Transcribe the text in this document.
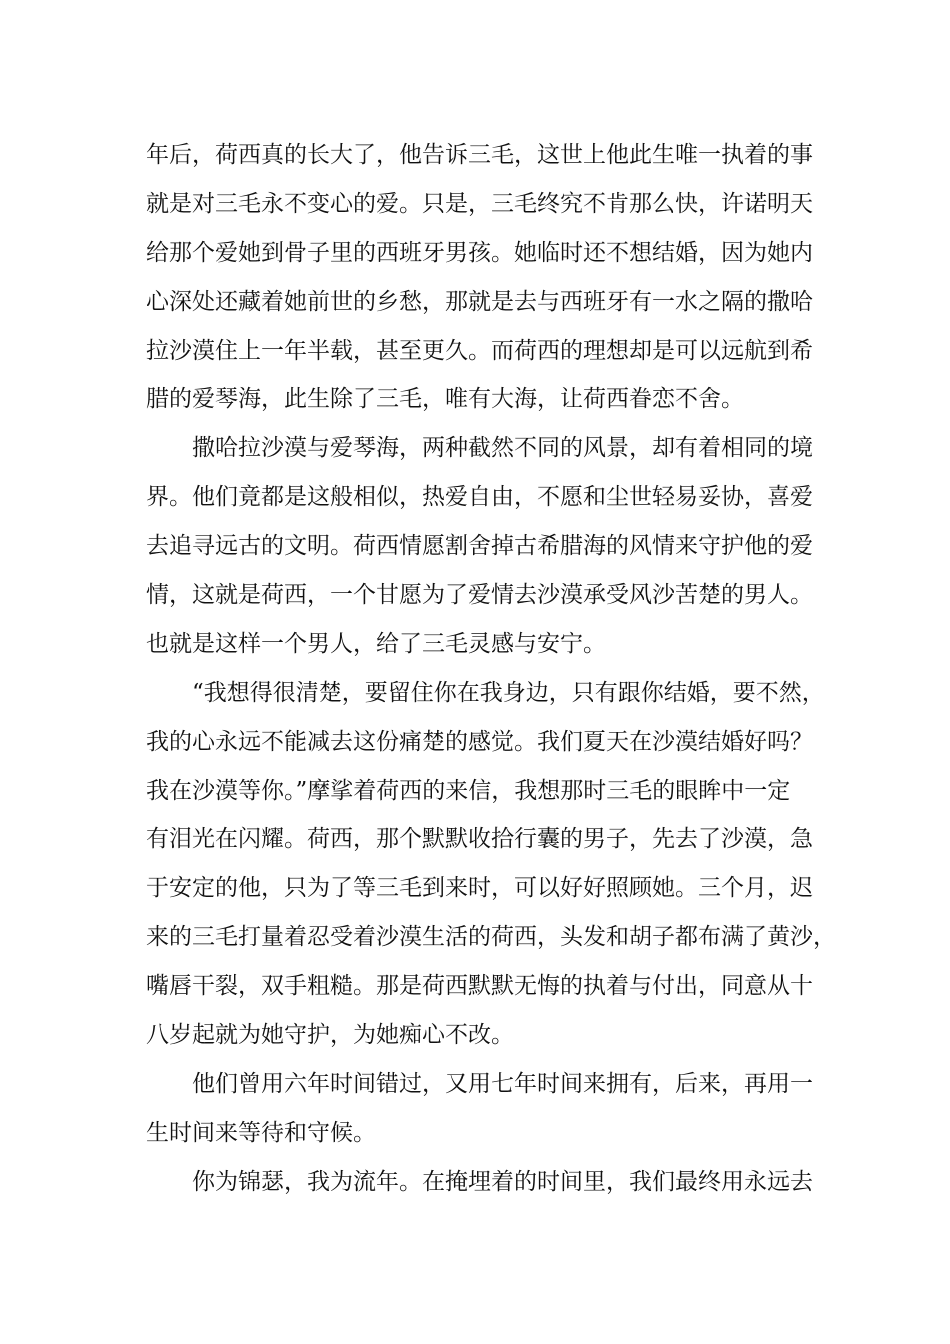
年后，荷西真的长大了，他告诉三毛，这世上他此生唯一执着的事
就是对三毛永不变心的爱。只是，三毛终究不肯那么快，许诺明天
给那个爱她到骨子里的西班牙男孩。她临时还不想结婚，因为她内
心深处还藏着她前世的乡愁，那就是去与西班牙有一水之隔的撒哈
拉沙漠住上一年半载，甚至更久。而荷西的理想却是可以远航到希
腊的爱琴海，此生除了三毛，唯有大海，让荷西眷恋不舍。
撒哈拉沙漠与爱琴海，两种截然不同的风景，却有着相同的境
界。他们竟都是这般相似，热爱自由，不愿和尘世轻易妥协，喜爱
去追寻远古的文明。荷西情愿割舍掉古希腊海的风情来守护他的爱
情，这就是荷西，一个甘愿为了爱情去沙漠承受风沙苦楚的男人。
也就是这样一个男人，给了三毛灵感与安宁。
“我想得很清楚，要留住你在我身边，只有跟你结婚，要不然，
我的心永远不能减去这份痛楚的感觉。我们夏天在沙漠结婚好吗？
我在沙漠等你。”摩挲着荷西的来信，我想那时三毛的眼眸中一定
有泪光在闪耀。荷西，那个默默收拾行囊的男子，先去了沙漠，急
于安定的他，只为了等三毛到来时，可以好好照顾她。三个月，迟
来的三毛打量着忍受着沙漠生活的荷西，头发和胡子都布满了黄沙，
嘴唇干裂，双手粗糙。那是荷西默默无悔的执着与付出，同意从十
八岁起就为她守护，为她痴心不改。
他们曾用六年时间错过，又用七年时间来拥有，后来，再用一
生时间来等待和守候。
你为锦瑟，我为流年。在掩埋着的时间里，我们最终用永远去
